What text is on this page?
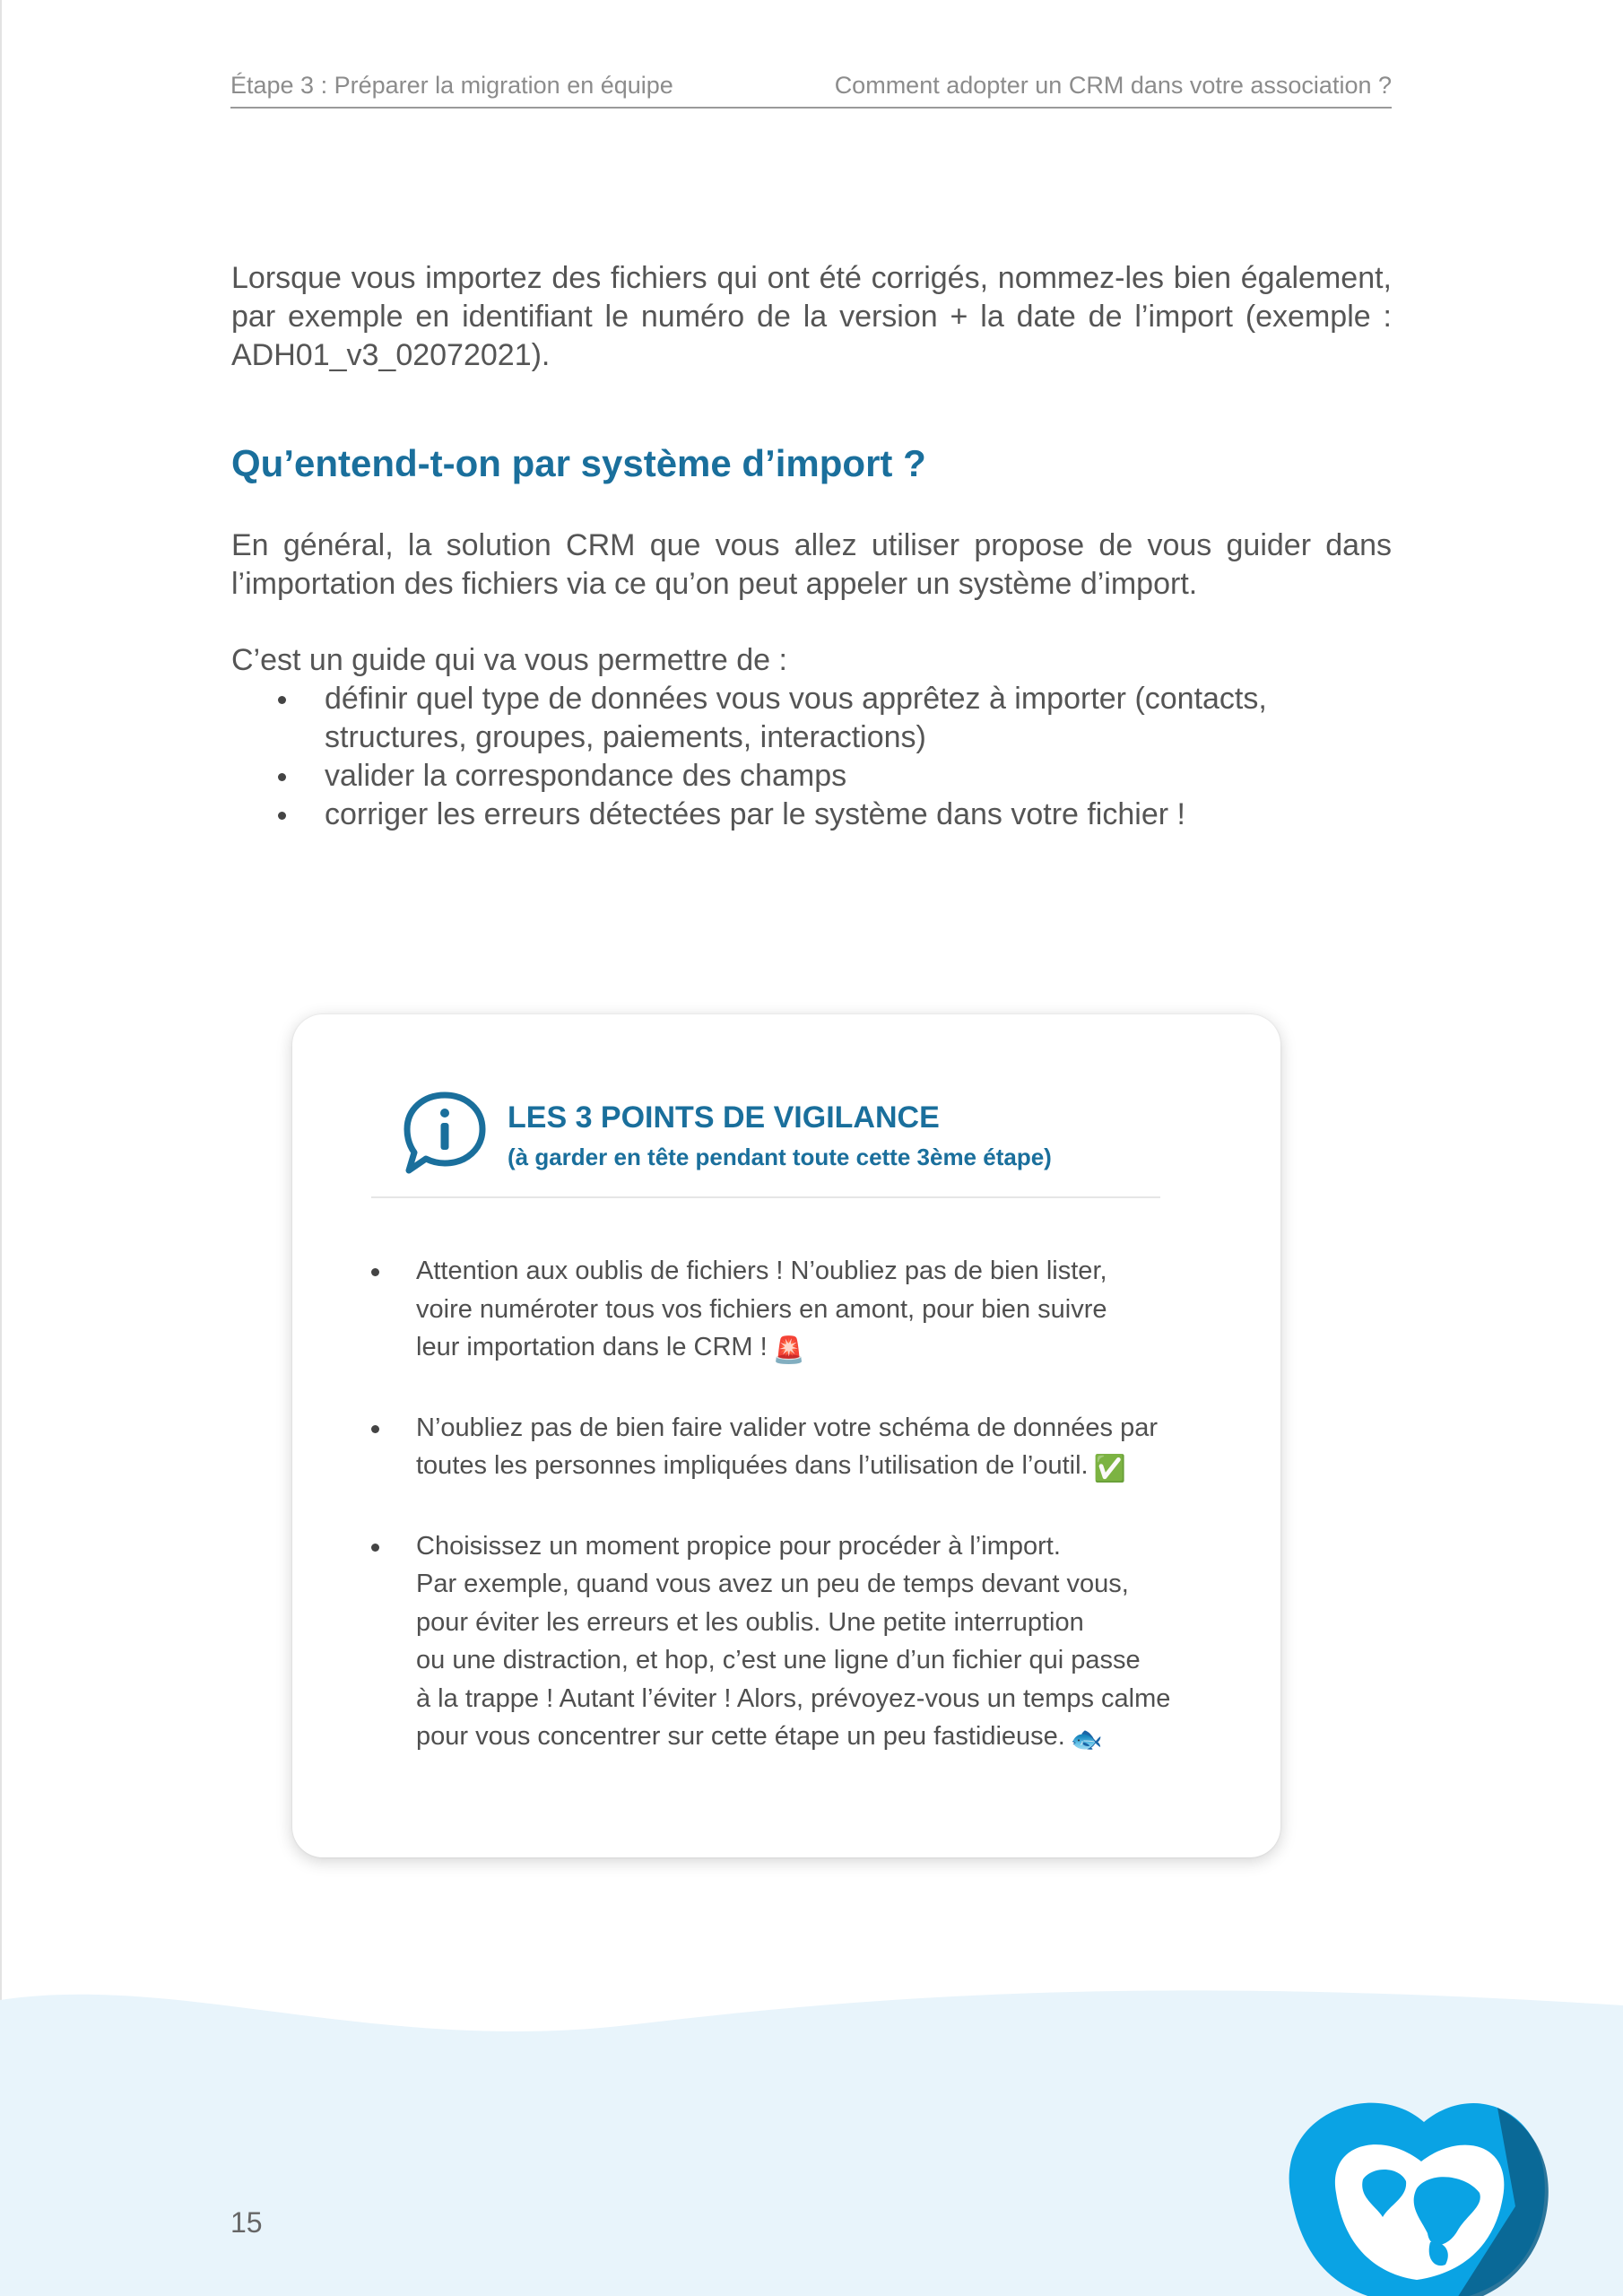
Étape 3 : Préparer la migration en équipe	Comment adopter un CRM dans votre association ?

Lorsque vous importez des fichiers qui ont été corrigés, nommez-les bien également, par exemple en identifiant le numéro de la version + la date de l’import (exemple : ADH01_v3_02072021).

Qu’entend-t-on par système d’import ?

En général, la solution CRM que vous allez utiliser propose de vous guider dans l’importation des fichiers via ce qu’on peut appeler un système d’import.

C’est un guide qui va vous permettre de :

définir quel type de données vous vous apprêtez à importer (contacts, structures, groupes, paiements, interactions)
valider la correspondance des champs
corriger les erreurs détectées par le système dans votre fichier !
LES 3 POINTS DE VIGILANCE
(à garder en tête pendant toute cette 3ème étape)
Attention aux oublis de fichiers ! N’oubliez pas de bien lister,
voire numéroter tous vos fichiers en amont, pour bien suivre
leur importation dans le CRM ! 🚨
N’oubliez pas de bien faire valider votre schéma de données par
toutes les personnes impliquées dans l’utilisation de l’outil. ✅
Choisissez un moment propice pour procéder à l’import.
Par exemple, quand vous avez un peu de temps devant vous,
pour éviter les erreurs et les oublis. Une petite interruption
ou une distraction, et hop, c’est une ligne d’un fichier qui passe
à la trappe ! Autant l’éviter ! Alors, prévoyez-vous un temps calme
pour vous concentrer sur cette étape un peu fastidieuse. 🐟
15
